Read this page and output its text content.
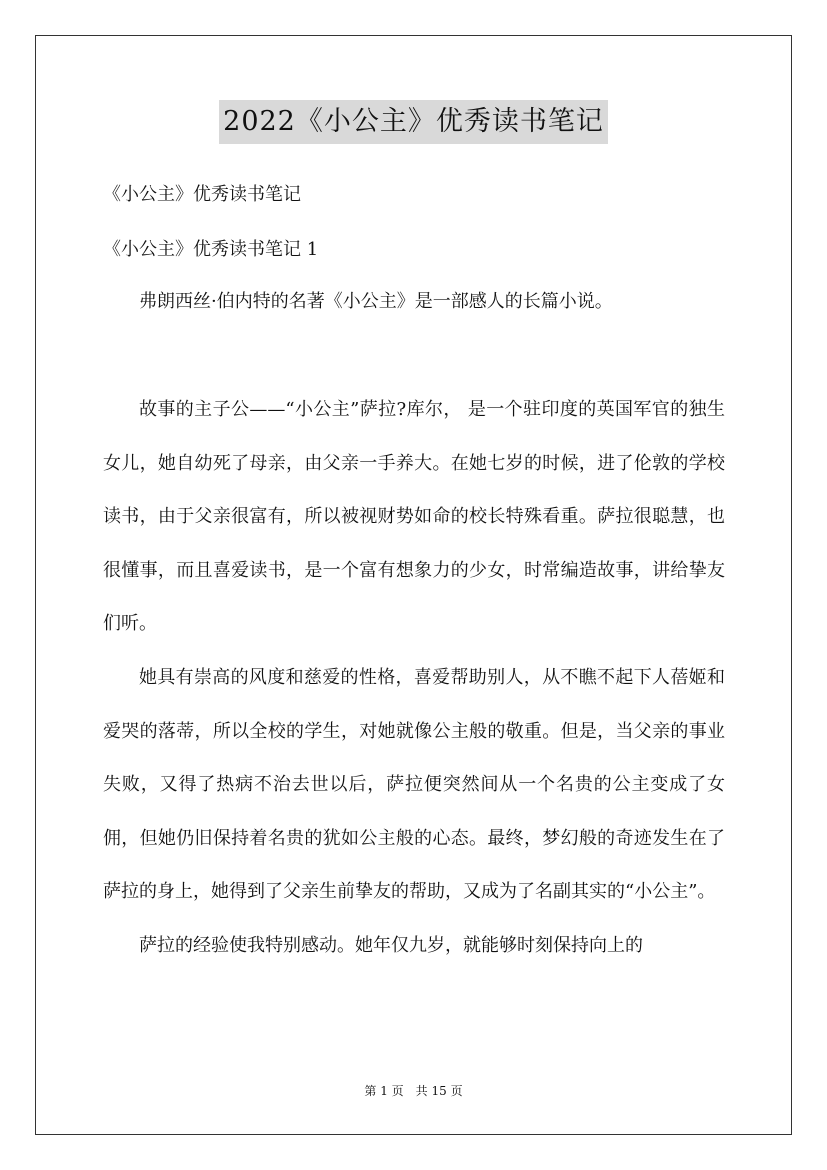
2022《小公主》优秀读书笔记
《小公主》优秀读书笔记
《小公主》优秀读书笔记 1

弗朗西丝·伯内特的名著《小公主》是一部感人的长篇小说。

故事的主子公——“小公主”萨拉?库尔， 是一个驻印度的英国军官的独生女儿，她自幼死了母亲，由父亲一手养大。在她七岁的时候，进了伦敦的学校读书，由于父亲很富有，所以被视财势如命的校长特殊看重。萨拉很聪慧，也很懂事，而且喜爱读书，是一个富有想象力的少女，时常编造故事，讲给挚友们听。

她具有崇高的风度和慈爱的性格，喜爱帮助别人，从不瞧不起下人蓓姬和爱哭的落蒂，所以全校的学生，对她就像公主般的敬重。但是，当父亲的事业失败，又得了热病不治去世以后，萨拉便突然间从一个名贵的公主变成了女佣，但她仍旧保持着名贵的犹如公主般的心态。最终，梦幻般的奇迹发生在了萨拉的身上，她得到了父亲生前挚友的帮助，又成为了名副其实的“小公主”。

萨拉的经验使我特别感动。她年仅九岁，就能够时刻保持向上的

第 1 页　共 15 页
